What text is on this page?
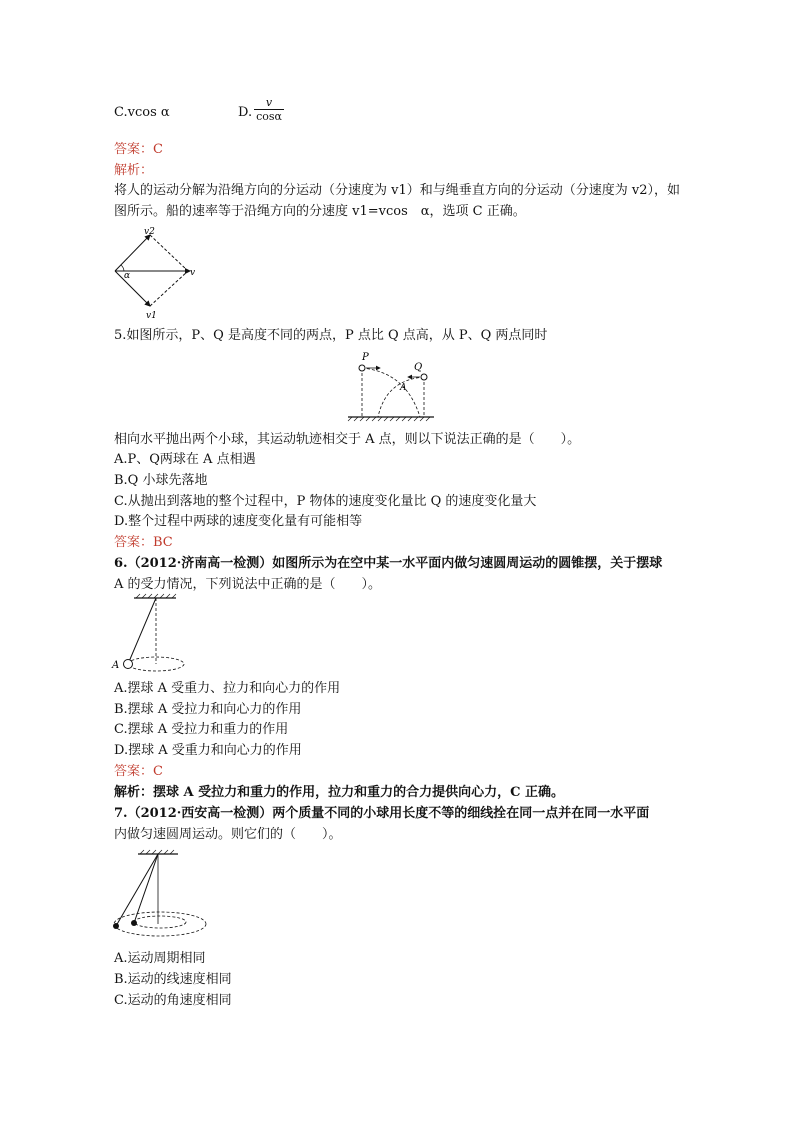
C.vcos α	D. $\frac{v}{\cos\alpha}$
答案：C
解析：
将人的运动分解为沿绳方向的分运动（分速度为 v1）和与绳垂直方向的分运动（分速度为 v2），如
图所示。船的速率等于沿绳方向的分速度 v1=vcos　α，选项 C 正确。
v2
v
v1
α
5.如图所示，P、Q 是高度不同的两点，P 点比 Q 点高，从 P、Q 两点同时
P
Q
A
相向水平抛出两个小球，其运动轨迹相交于 A 点，则以下说法正确的是（　　）。
A.P、Q两球在 A 点相遇
B.Q 小球先落地
C.从抛出到落地的整个过程中，P 物体的速度变化量比 Q 的速度变化量大
D.整个过程中两球的速度变化量有可能相等
答案：BC
6.（2012·济南高一检测）如图所示为在空中某一水平面内做匀速圆周运动的圆锥摆，关于摆球
A 的受力情况，下列说法中正确的是（　　）。
A
A.摆球 A 受重力、拉力和向心力的作用
B.摆球 A 受拉力和向心力的作用
C.摆球 A 受拉力和重力的作用
D.摆球 A 受重力和向心力的作用
答案：C
解析：摆球 A 受拉力和重力的作用，拉力和重力的合力提供向心力，C 正确。
7.（2012·西安高一检测）两个质量不同的小球用长度不等的细线拴在同一点并在同一水平面
内做匀速圆周运动。则它们的（　　）。
A.运动周期相同
B.运动的线速度相同
C.运动的角速度相同
